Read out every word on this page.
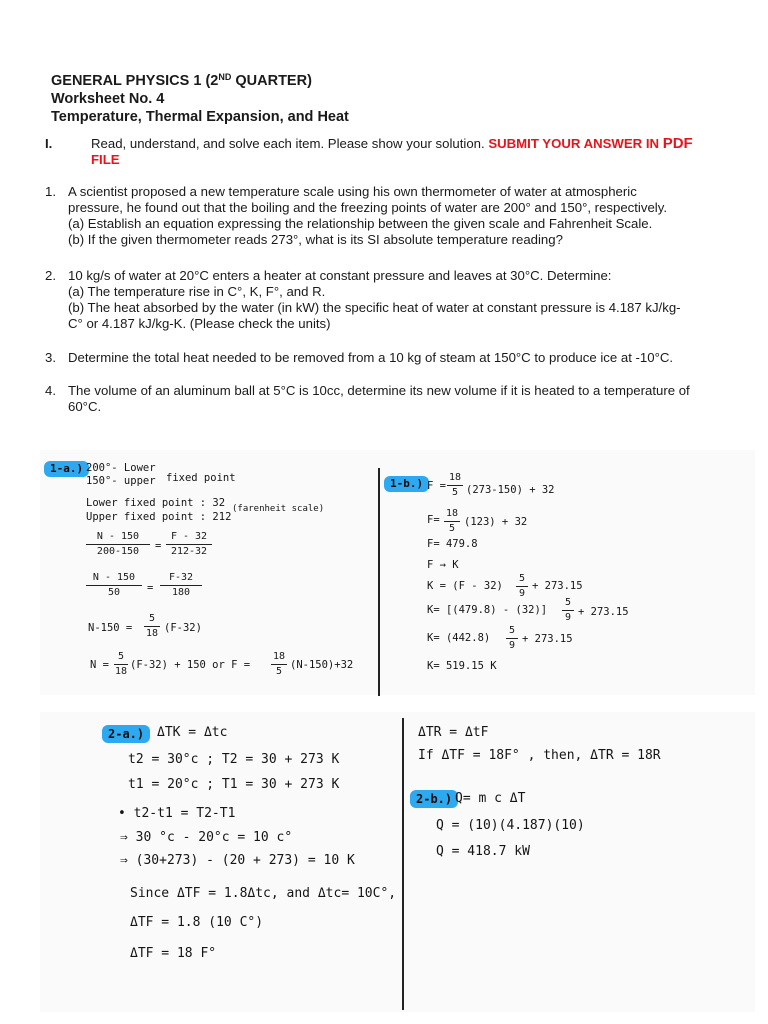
GENERAL PHYSICS 1 (2ND QUARTER)

Worksheet No. 4

Temperature, Thermal Expansion, and Heat

I.	Read, understand, and solve each item. Please show your solution. SUBMIT YOUR ANSWER IN PDF
FILE
1. A scientist proposed a new temperature scale using his own thermometer of water at atmospheric
pressure, he found out that the boiling and the freezing points of water are 200° and 150°, respectively.
(a) Establish an equation expressing the relationship between the given scale and Fahrenheit Scale.
(b) If the given thermometer reads 273°, what is its SI absolute temperature reading?
2. 10 kg/s of water at 20°C enters a heater at constant pressure and leaves at 30°C. Determine:
(a) The temperature rise in C°, K, F°, and R.
(b) The heat absorbed by the water (in kW) the specific heat of water at constant pressure is 4.187 kJ/kg-
C° or 4.187 kJ/kg-K. (Please check the units)
3. Determine the total heat needed to be removed from a 10 kg of steam at 150°C to produce ice at -10°C.
4. The volume of an aluminum ball at 5°C is 10cc, determine its new volume if it is heated to a temperature of
60°C.
1-a.) 200°- Lower
fixed point
150°- upper
Lower fixed point : 32 (farenheit scale)
Upper fixed point : 212
N - 150
200-150	=
F - 32
212-32
N - 150
50	=
F-32
180
N-150 =
5
18 (F-32)
N =
5
18
(F-32) + 150 or F =
18
5
(N-150)+32
1-b.) F =
18
5 (273-150) + 32
F=
18
5
(123) + 32
F= 479.8
F → K
K = (F - 32)
5
9
+ 273.15
K= [(479.8) - (32)]
5
9 + 273.15
K= (442.8)
5
9
+ 273.15
K= 519.15 K
2-a.) ΔTK = Δtc
t2 = 30°c ; T2 = 30 + 273 K
t1 = 20°c ; T1 = 30 + 273 K
• t2-t1 = T2-T1
⇒ 30 °c - 20°c = 10 c°
⇒ (30+273) - (20 + 273) = 10 K
Since ΔTF = 1.8Δtc, and Δtc= 10C°,
ΔTF = 1.8 (10 C°)
ΔTF = 18 F°
ΔTR = ΔtF
If ΔTF = 18F° , then, ΔTR = 18R
2-b.) Q= m c ΔT
Q = (10)(4.187)(10)
Q = 418.7 kW
